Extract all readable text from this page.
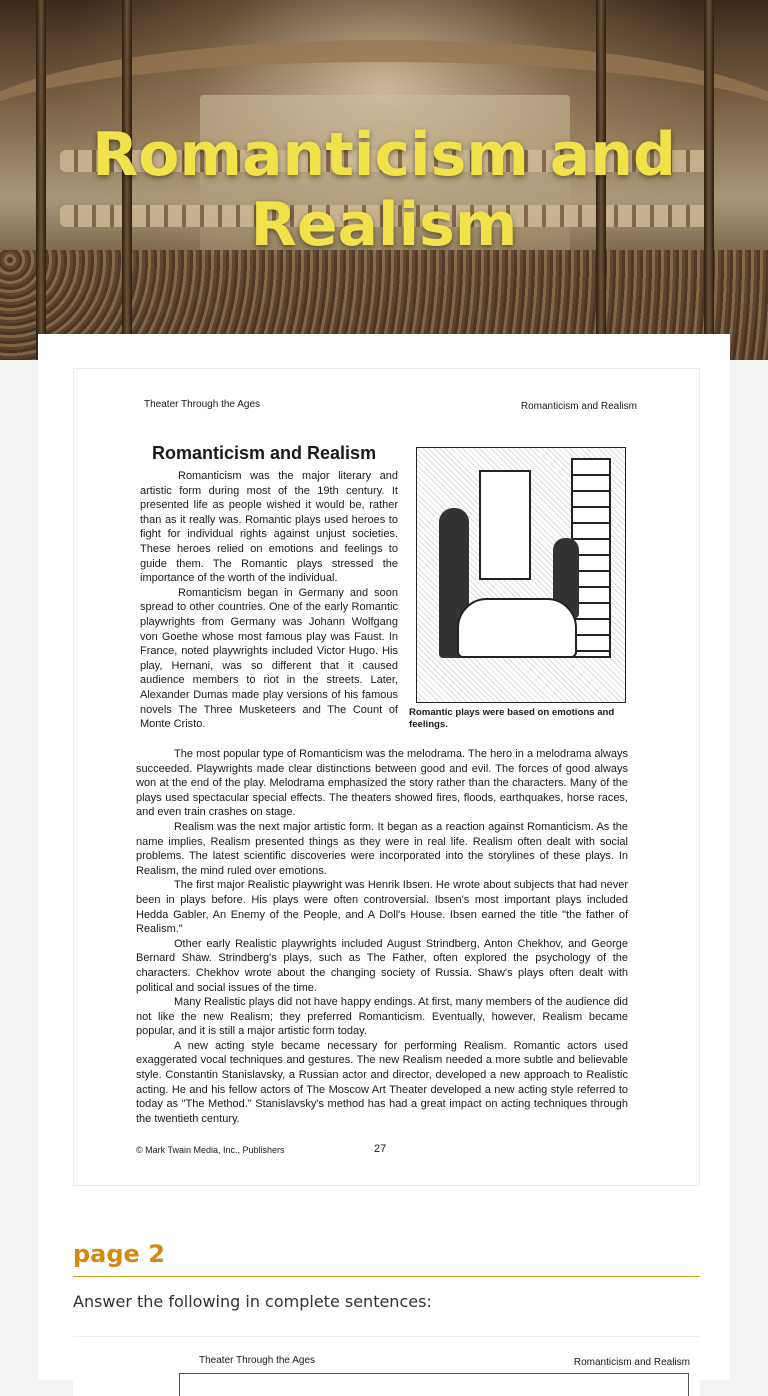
Romanticism and Realism
Theater Through the Ages	Romanticism and Realism
Romanticism and Realism

Romanticism was the major literary and artistic form during most of the 19th century. It presented life as people wished it would be, rather than as it really was. Romantic plays used heroes to fight for individual rights against unjust societies. These heroes relied on emotions and feelings to guide them. The Romantic plays stressed the importance of the worth of the individual.

Romanticism began in Germany and soon spread to other countries. One of the early Romantic playwrights from Germany was Johann Wolfgang von Goethe whose most famous play was Faust. In France, noted playwrights included Victor Hugo. His play, Hernani, was so different that it caused audience members to riot in the streets. Later, Alexander Dumas made play versions of his famous novels The Three Musketeers and The Count of Monte Cristo.

Romantic plays were based on emotions and feelings.

The most popular type of Romanticism was the melodrama. The hero in a melodrama always succeeded. Playwrights made clear distinctions between good and evil. The forces of good always won at the end of the play. Melodrama emphasized the story rather than the characters. Many of the plays used spectacular special effects. The theaters showed fires, floods, earthquakes, horse races, and even train crashes on stage.

Realism was the next major artistic form. It began as a reaction against Romanticism. As the name implies, Realism presented things as they were in real life. Realism often dealt with social problems. The latest scientific discoveries were incorporated into the storylines of these plays. In Realism, the mind ruled over emotions.

The first major Realistic playwright was Henrik Ibsen. He wrote about subjects that had never been in plays before. His plays were often controversial. Ibsen's most important plays included Hedda Gabler, An Enemy of the People, and A Doll's House. Ibsen earned the title "the father of Realism."

Other early Realistic playwrights included August Strindberg, Anton Chekhov, and George Bernard Shaw. Strindberg's plays, such as The Father, often explored the psychology of the characters. Chekhov wrote about the changing society of Russia. Shaw's plays often dealt with political and social issues of the time.

Many Realistic plays did not have happy endings. At first, many members of the audience did not like the new Realism; they preferred Romanticism. Eventually, however, Realism became popular, and it is still a major artistic form today.

A new acting style became necessary for performing Realism. Romantic actors used exaggerated vocal techniques and gestures. The new Realism needed a more subtle and believable style. Constantin Stanislavsky, a Russian actor and director, developed a new approach to Realistic acting. He and his fellow actors of The Moscow Art Theater developed a new acting style referred to today as "The Method." Stanislavsky's method has had a great impact on acting techniques through the twentieth century.

© Mark Twain Media, Inc., Publishers	27
page 2
Answer the following in complete sentences:
Theater Through the Ages	Romanticism and Realism
